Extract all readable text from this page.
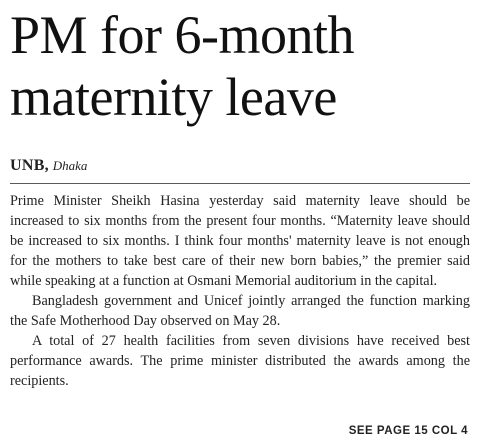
PM for 6-month
maternity leave
UNB, Dhaka

Prime Minister Sheikh Hasina yesterday said maternity leave should be increased to six months from the present four months. “Maternity leave should be increased to six months. I think four months' maternity leave is not enough for the mothers to take best care of their new born babies,” the premier said while speaking at a function at Osmani Memorial auditorium in the capital.

Bangladesh government and Unicef jointly arranged the function marking the Safe Motherhood Day observed on May 28.

A total of 27 health facilities from seven divisions have received best performance awards. The prime minister distributed the awards among the recipients.

SEE PAGE 15 COL 4
